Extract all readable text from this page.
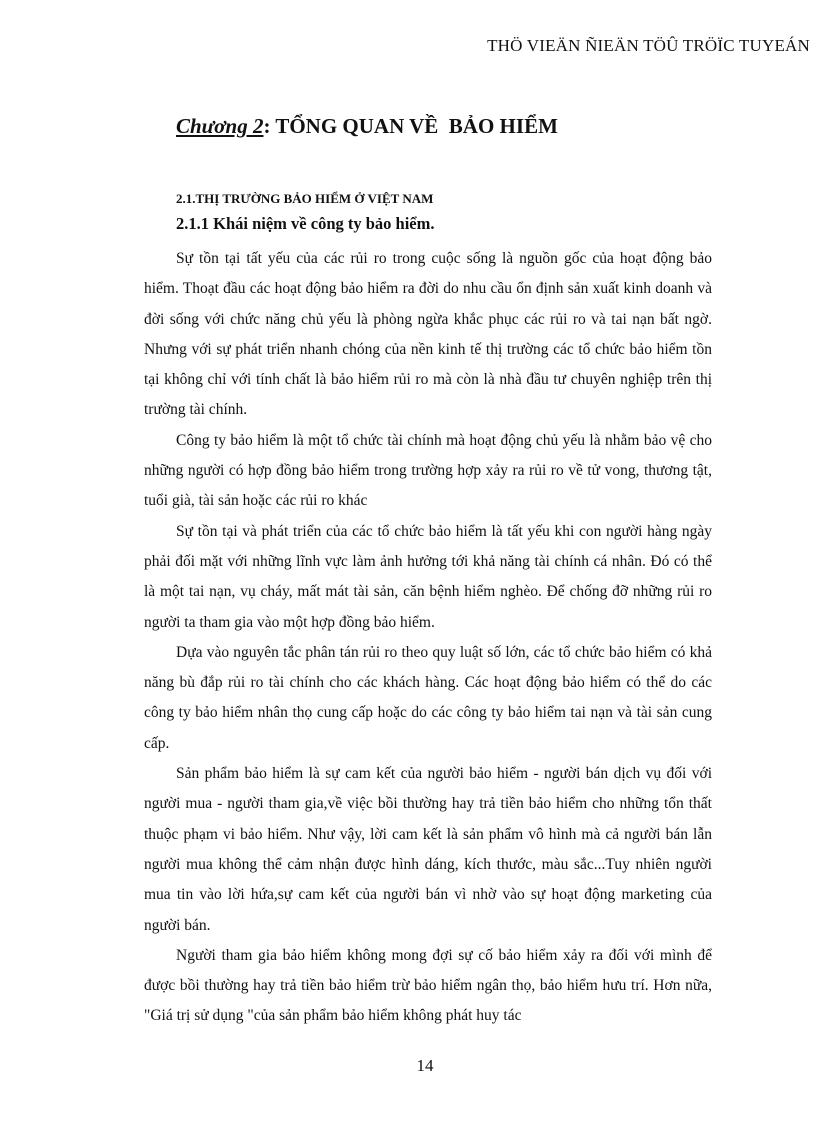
THÖ VIEÄN ÑIEÄN TÖÛ TRÖÏC TUYEÁN
Chương 2: TỔNG QUAN VỀ  BẢO HIỂM
2.1.THỊ TRƯỜNG BẢO HIỂM Ở VIỆT NAM
2.1.1 Khái niệm về công ty bảo hiểm.

Sự tồn tại tất yếu của các rủi ro trong cuộc sống là nguồn gốc của hoạt động bảo hiểm. Thoạt đầu các hoạt động bảo hiểm ra đời do nhu cầu ổn định sản xuất kinh doanh và đời sống với chức năng chủ yếu là phòng ngừa khắc phục các rủi ro và tai nạn bất ngờ. Nhưng với sự phát triển nhanh chóng của nền kinh tế thị trường các tổ chức bảo hiểm tồn tại không chỉ với tính chất là bảo hiểm rủi ro mà còn là nhà đầu tư chuyên nghiệp trên thị trường tài chính.

Công ty bảo hiểm là một tổ chức tài chính mà hoạt động chủ yếu là nhằm bảo vệ cho những người có hợp đồng bảo hiểm trong trường hợp xảy ra rủi ro về tử vong, thương tật, tuổi già, tài sản hoặc các rủi ro khác

Sự tồn tại và phát triển của các tổ chức bảo hiểm là tất yếu khi con người hàng ngày phải đối mặt với những lĩnh vực làm ảnh hưởng tới khả năng tài chính cá nhân. Đó có thể là một tai nạn, vụ cháy, mất mát tài sản, căn bệnh hiểm nghèo. Để chống đỡ những rủi ro người ta tham gia vào một hợp đồng bảo hiểm.

Dựa vào nguyên tắc phân tán rủi ro theo quy luật số lớn, các tổ chức bảo hiểm có khả năng bù đắp rủi ro tài chính cho các khách hàng. Các hoạt động bảo hiểm có thể do các công ty bảo hiểm nhân thọ cung cấp hoặc do các công ty bảo hiểm tai nạn và tài sản cung cấp.

Sản phẩm bảo hiểm là sự cam kết của người bảo hiểm - người bán dịch vụ đối với người mua - người tham gia,về việc bồi thường hay trả tiền bảo hiểm cho những tổn thất thuộc phạm vi bảo hiểm. Như vậy, lời cam kết là sản phẩm vô hình mà cả người bán lẫn người mua không thể cảm nhận được hình dáng, kích thước, màu sắc...Tuy nhiên người mua tin vào lời hứa,sự cam kết của người bán vì nhờ vào sự hoạt động marketing của người bán.

Người tham gia bảo hiểm không mong đợi sự cố bảo hiểm xảy ra đối với mình để được bồi thường hay trả tiền bảo hiểm trừ bảo hiểm ngân thọ, bảo hiểm hưu trí. Hơn nữa, "Giá trị sử dụng "của sản phẩm bảo hiểm không phát huy tác

14
